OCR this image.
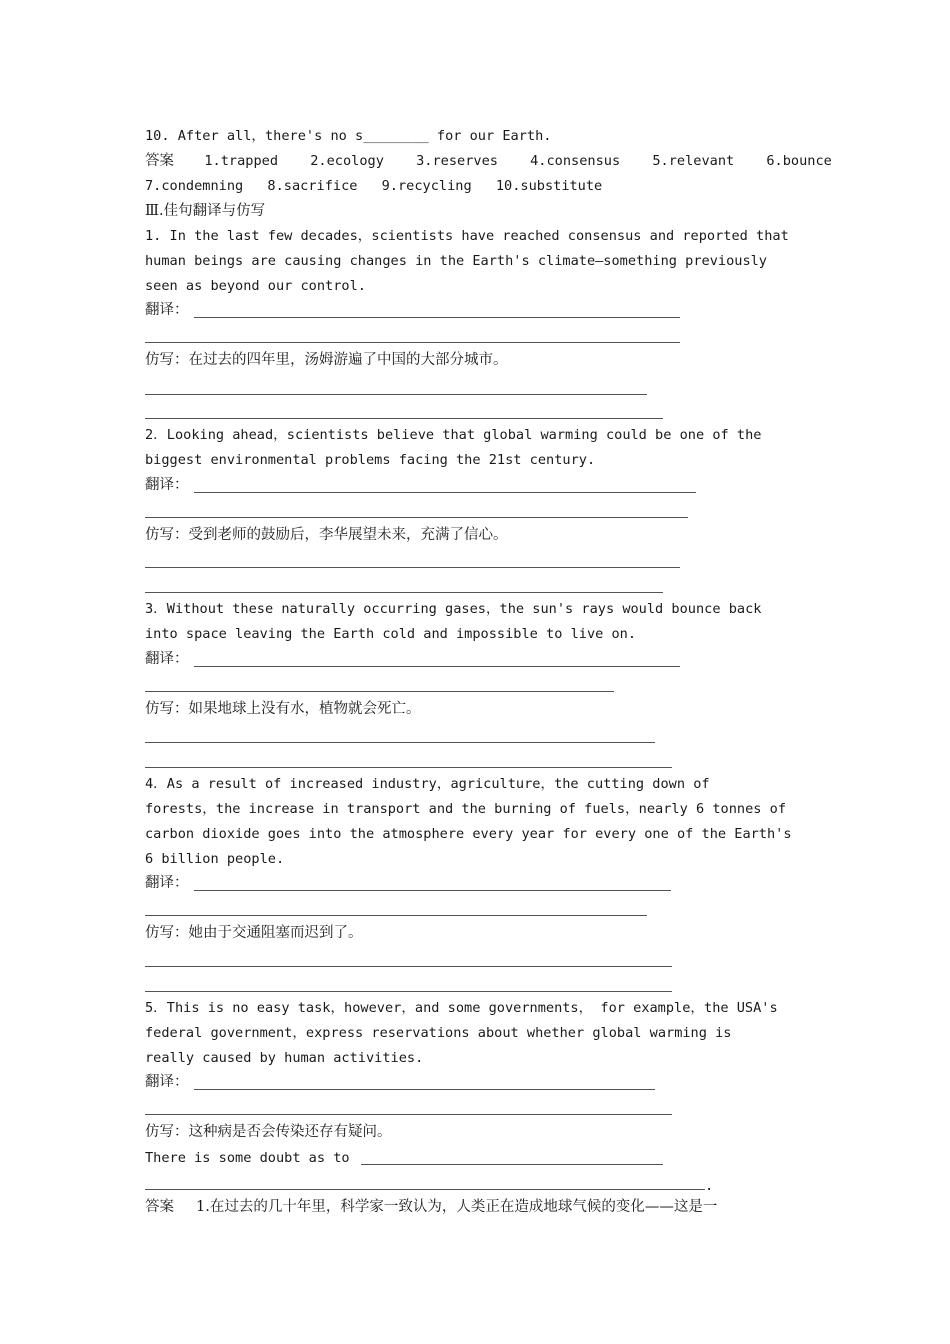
10. After all，there's no s________ for our Earth.
答案 1.trapped 2.ecology 3.reserves 4.consensus 5.relevant 6.bounce
7.condemning 8.sacrifice 9.recycling 10.substitute
Ⅲ.佳句翻译与仿写
1. In the last few decades，scientists have reached consensus and reported that
human beings are causing changes in the Earth's climate—something previously
seen as beyond our control.
翻译：
仿写：在过去的四年里，汤姆游遍了中国的大部分城市。
2．Looking ahead，scientists believe that global warming could be one of the
biggest environmental problems facing the 21st century.
翻译：
仿写：受到老师的鼓励后，李华展望未来，充满了信心。
3．Without these naturally occurring gases，the sun's rays would bounce back
into space leaving the Earth cold and impossible to live on.
翻译：
仿写：如果地球上没有水，植物就会死亡。
4．As a result of increased industry，agriculture，the cutting down of
forests，the increase in transport and the burning of fuels，nearly 6 tonnes of
carbon dioxide goes into the atmosphere every year for every one of the Earth's
6 billion people.
翻译：
仿写：她由于交通阻塞而迟到了。
5．This is no easy task，however，and some governments， for example，the USA's
federal government，express reservations about whether global warming is
really caused by human activities.
翻译：
仿写：这种病是否会传染还存有疑问。
There is some doubt as to
.
答案 1.在过去的几十年里，科学家一致认为，人类正在造成地球气候的变化——这是一
